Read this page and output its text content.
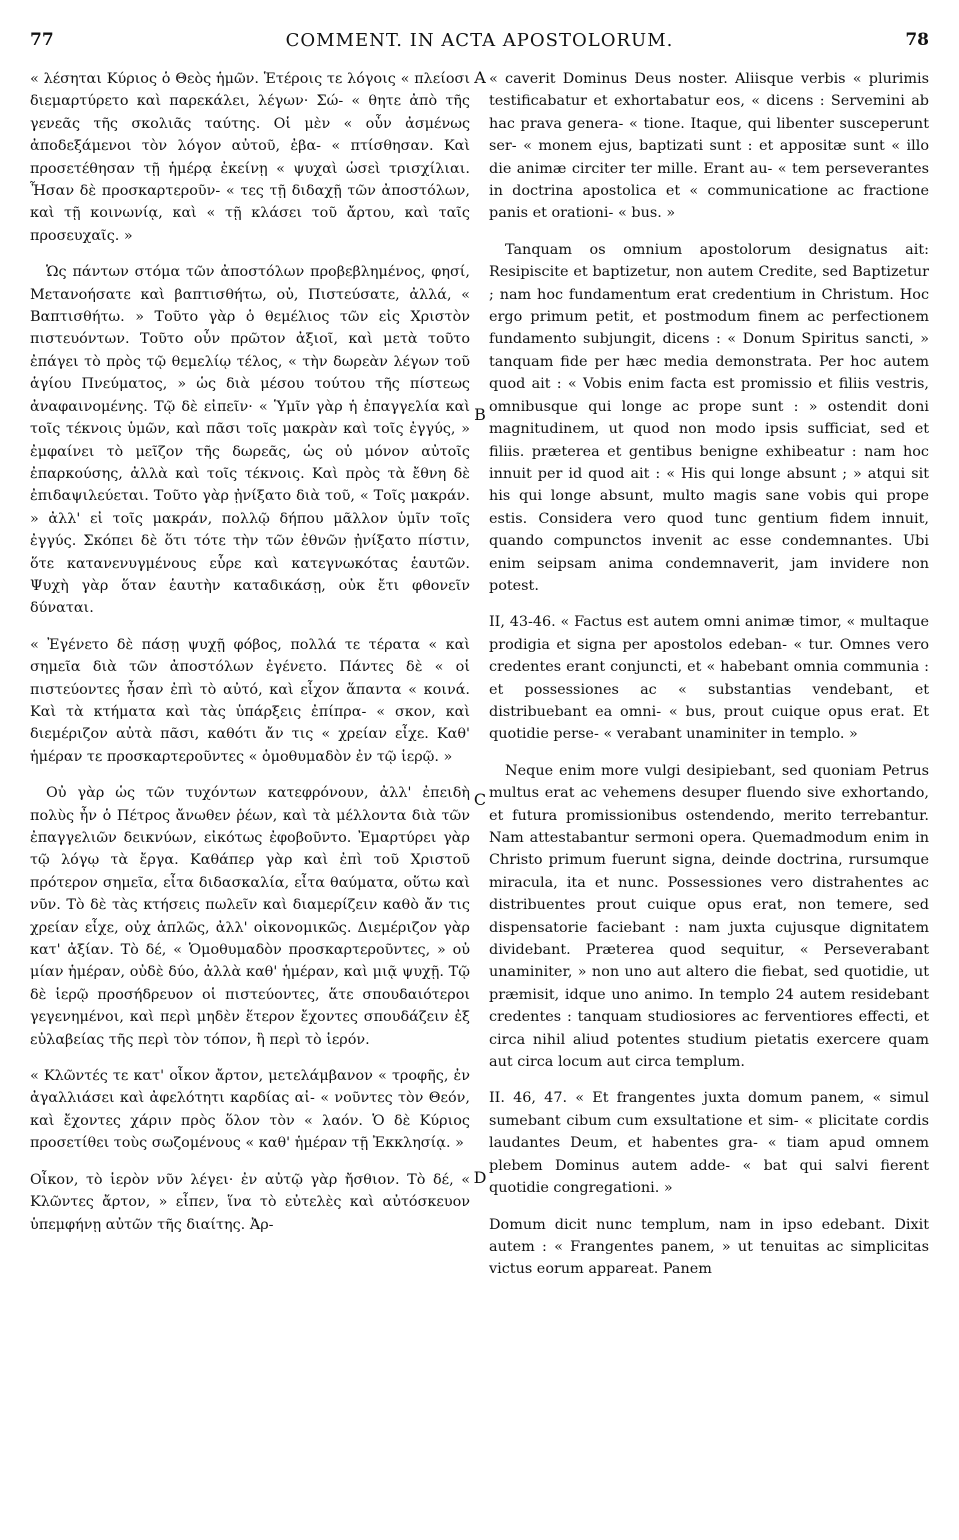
77	COMMENT. IN ACTA APOSTOLORUM.	78

« λέσηται Κύριος ὁ Θεὸς ἡμῶν. Ἑτέροις τε λόγοις « πλείοσι διεμαρτύρετο καὶ παρεκάλει, λέγων· Σώ- « θητε ἀπὸ τῆς γενεᾶς τῆς σκολιᾶς ταύτης. Οἱ μὲν « οὖν ἀσμένως ἀποδεξάμενοι τὸν λόγον αὐτοῦ, ἐβα- « πτίσθησαν. Καὶ προσετέθησαν τῇ ἡμέρᾳ ἐκείνῃ « ψυχαὶ ὡσεὶ τρισχίλιαι. Ἦσαν δὲ προσκαρτεροῦν- « τες τῇ διδαχῇ τῶν ἀποστόλων, καὶ τῇ κοινωνίᾳ, καὶ « τῇ κλάσει τοῦ ἄρτου, καὶ ταῖς προσευχαῖς. »

Ὡς πάντων στόμα τῶν ἀποστόλων προβεβλημένος, φησί, Μετανοήσατε καὶ βαπτισθήτω, οὐ, Πιστεύσατε, ἀλλά, « Βαπτισθήτω. » Τοῦτο γὰρ ὁ θεμέλιος τῶν εἰς Χριστὸν πιστευόντων. Τοῦτο οὖν πρῶτον ἀξιοῖ, καὶ μετὰ τοῦτο ἐπάγει τὸ πρὸς τῷ θεμελίῳ τέλος, « τὴν δωρεὰν λέγων τοῦ ἁγίου Πνεύματος, » ὡς διὰ μέσου τούτου τῆς πίστεως ἀναφαινομένης. Τῷ δὲ εἰπεῖν· « Ὑμῖν γὰρ ἡ ἐπαγγελία καὶ τοῖς τέκνοις ὑμῶν, καὶ πᾶσι τοῖς μακρὰν καὶ τοῖς ἐγγύς, » ἐμφαίνει τὸ μεῖζον τῆς δωρεᾶς, ὡς οὐ μόνον αὐτοῖς ἐπαρκούσης, ἀλλὰ καὶ τοῖς τέκνοις. Καὶ πρὸς τὰ ἔθνη δὲ ἐπιδαψιλεύεται. Τοῦτο γὰρ ᾐνίξατο διὰ τοῦ, « Τοῖς μακράν. » ἀλλ' εἰ τοῖς μακράν, πολλῷ δήπου μᾶλλον ὑμῖν τοῖς ἐγγύς. Σκόπει δὲ ὅτι τότε τὴν τῶν ἐθνῶν ᾐνίξατο πίστιν, ὅτε κατανενυγμένους εὗρε καὶ κατεγνωκότας ἑαυτῶν. Ψυχὴ γὰρ ὅταν ἑαυτὴν καταδικάσῃ, οὐκ ἔτι φθονεῖν δύναται.

« Ἐγένετο δὲ πάσῃ ψυχῇ φόβος, πολλά τε τέρατα « καὶ σημεῖα διὰ τῶν ἀποστόλων ἐγένετο. Πάντες δὲ « οἱ πιστεύοντες ἦσαν ἐπὶ τὸ αὐτό, καὶ εἶχον ἅπαντα « κοινά. Καὶ τὰ κτήματα καὶ τὰς ὑπάρξεις ἐπίπρα- « σκον, καὶ διεμέριζον αὐτὰ πᾶσι, καθότι ἄν τις « χρείαν εἶχε. Καθ' ἡμέραν τε προσκαρτεροῦντες « ὁμοθυμαδὸν ἐν τῷ ἱερῷ. »

Οὐ γὰρ ὡς τῶν τυχόντων κατεφρόνουν, ἀλλ' ἐπειδὴ πολὺς ἦν ὁ Πέτρος ἄνωθεν ῥέων, καὶ τὰ μέλλοντα διὰ τῶν ἐπαγγελιῶν δεικνύων, εἰκότως ἐφοβοῦντο. Ἐμαρτύρει γὰρ τῷ λόγῳ τὰ ἔργα. Καθάπερ γὰρ καὶ ἐπὶ τοῦ Χριστοῦ πρότερον σημεῖα, εἶτα διδασκαλία, εἶτα θαύματα, οὕτω καὶ νῦν. Τὸ δὲ τὰς κτήσεις πωλεῖν καὶ διαμερίζειν καθὸ ἄν τις χρείαν εἶχε, οὐχ ἁπλῶς, ἀλλ' οἰκονομικῶς. Διεμέριζον γὰρ κατ' ἀξίαν. Τὸ δέ, « Ὁμοθυμαδὸν προσκαρτεροῦντες, » οὐ μίαν ἡμέραν, οὐδὲ δύο, ἀλλὰ καθ' ἡμέραν, καὶ μιᾷ ψυχῇ. Τῷ δὲ ἱερῷ προσήδρευον οἱ πιστεύοντες, ἅτε σπουδαιότεροι γεγενημένοι, καὶ περὶ μηδὲν ἕτερον ἔχοντες σπουδάζειν ἐξ εὐλαβείας τῆς περὶ τὸν τόπον, ἢ περὶ τὸ ἱερόν.

« Κλῶντές τε κατ' οἶκον ἄρτον, μετελάμβανον « τροφῆς, ἐν ἀγαλλιάσει καὶ ἀφελότητι καρδίας αἰ- « νοῦντες τὸν Θεόν, καὶ ἔχοντες χάριν πρὸς ὅλον τὸν « λαόν. Ὁ δὲ Κύριος προσετίθει τοὺς σωζομένους « καθ' ἡμέραν τῇ Ἐκκλησίᾳ. »

Οἶκον, τὸ ἱερὸν νῦν λέγει· ἐν αὐτῷ γὰρ ἤσθιον. Τὸ δέ, « Κλῶντες ἄρτον, » εἶπεν, ἵνα τὸ εὐτελὲς καὶ αὐτόσκευον ὑπεμφήνῃ αὐτῶν τῆς διαίτης. Ἀρ-

« caverit Dominus Deus noster. Aliisque verbis « plurimis testificabatur et exhortabatur eos, « dicens : Servemini ab hac prava genera- « tione. Itaque, qui libenter susceperunt ser- « monem ejus, baptizati sunt : et appositæ sunt « illo die animæ circiter ter mille. Erant au- « tem perseverantes in doctrina apostolica et « communicatione ac fractione panis et orationi- « bus. »

Tanquam os omnium apostolorum designatus ait: Resipiscite et baptizetur, non autem Credite, sed Baptizetur ; nam hoc fundamentum erat credentium in Christum. Hoc ergo primum petit, et postmodum finem ac perfectionem fundamento subjungit, dicens : « Donum Spiritus sancti, » tanquam fide per hæc media demonstrata. Per hoc autem quod ait : « Vobis enim facta est promissio et filiis vestris, omnibusque qui longe ac prope sunt : » ostendit doni magnitudinem, ut quod non modo ipsis sufficiat, sed et filiis. præterea et gentibus benigne exhibeatur : nam hoc innuit per id quod ait : « His qui longe absunt ; » atqui sit his qui longe absunt, multo magis sane vobis qui prope estis. Considera vero quod tunc gentium fidem innuit, quando compunctos invenit ac esse condemnantes. Ubi enim seipsam anima condemnaverit, jam invidere non potest.

II, 43-46. « Factus est autem omni animæ timor, « multaque prodigia et signa per apostolos edeban- « tur. Omnes vero credentes erant conjuncti, et « habebant omnia communia : et possessiones ac « substantias vendebant, et distribuebant ea omni- « bus, prout cuique opus erat. Et quotidie perse- « verabant unaminiter in templo. »

Neque enim more vulgi desipiebant, sed quoniam Petrus multus erat ac vehemens desuper fluendo sive exhortando, et futura promissionibus ostendendo, merito terrebantur. Nam attestabantur sermoni opera. Quemadmodum enim in Christo primum fuerunt signa, deinde doctrina, rursumque miracula, ita et nunc. Possessiones vero distrahentes ac distribuentes prout cuique opus erat, non temere, sed dispensatorie faciebant : nam juxta cujusque dignitatem dividebant. Præterea quod sequitur, « Perseverabant unaminiter, » non uno aut altero die fiebat, sed quotidie, ut præmisit, idque uno animo. In templo 24 autem residebant credentes : tanquam studiosiores ac ferventiores effecti, et circa nihil aliud potentes studium pietatis exercere quam aut circa locum aut circa templum.

II. 46, 47. « Et frangentes juxta domum panem, « simul sumebant cibum cum exsultatione et sim- « plicitate cordis laudantes Deum, et habentes gra- « tiam apud omnem plebem Dominus autem adde- « bat qui salvi fierent quotidie congregationi. »

Domum dicit nunc templum, nam in ipso edebant. Dixit autem : « Frangentes panem, » ut tenuitas ac simplicitas victus eorum appareat. Panem

A
B
C
D
